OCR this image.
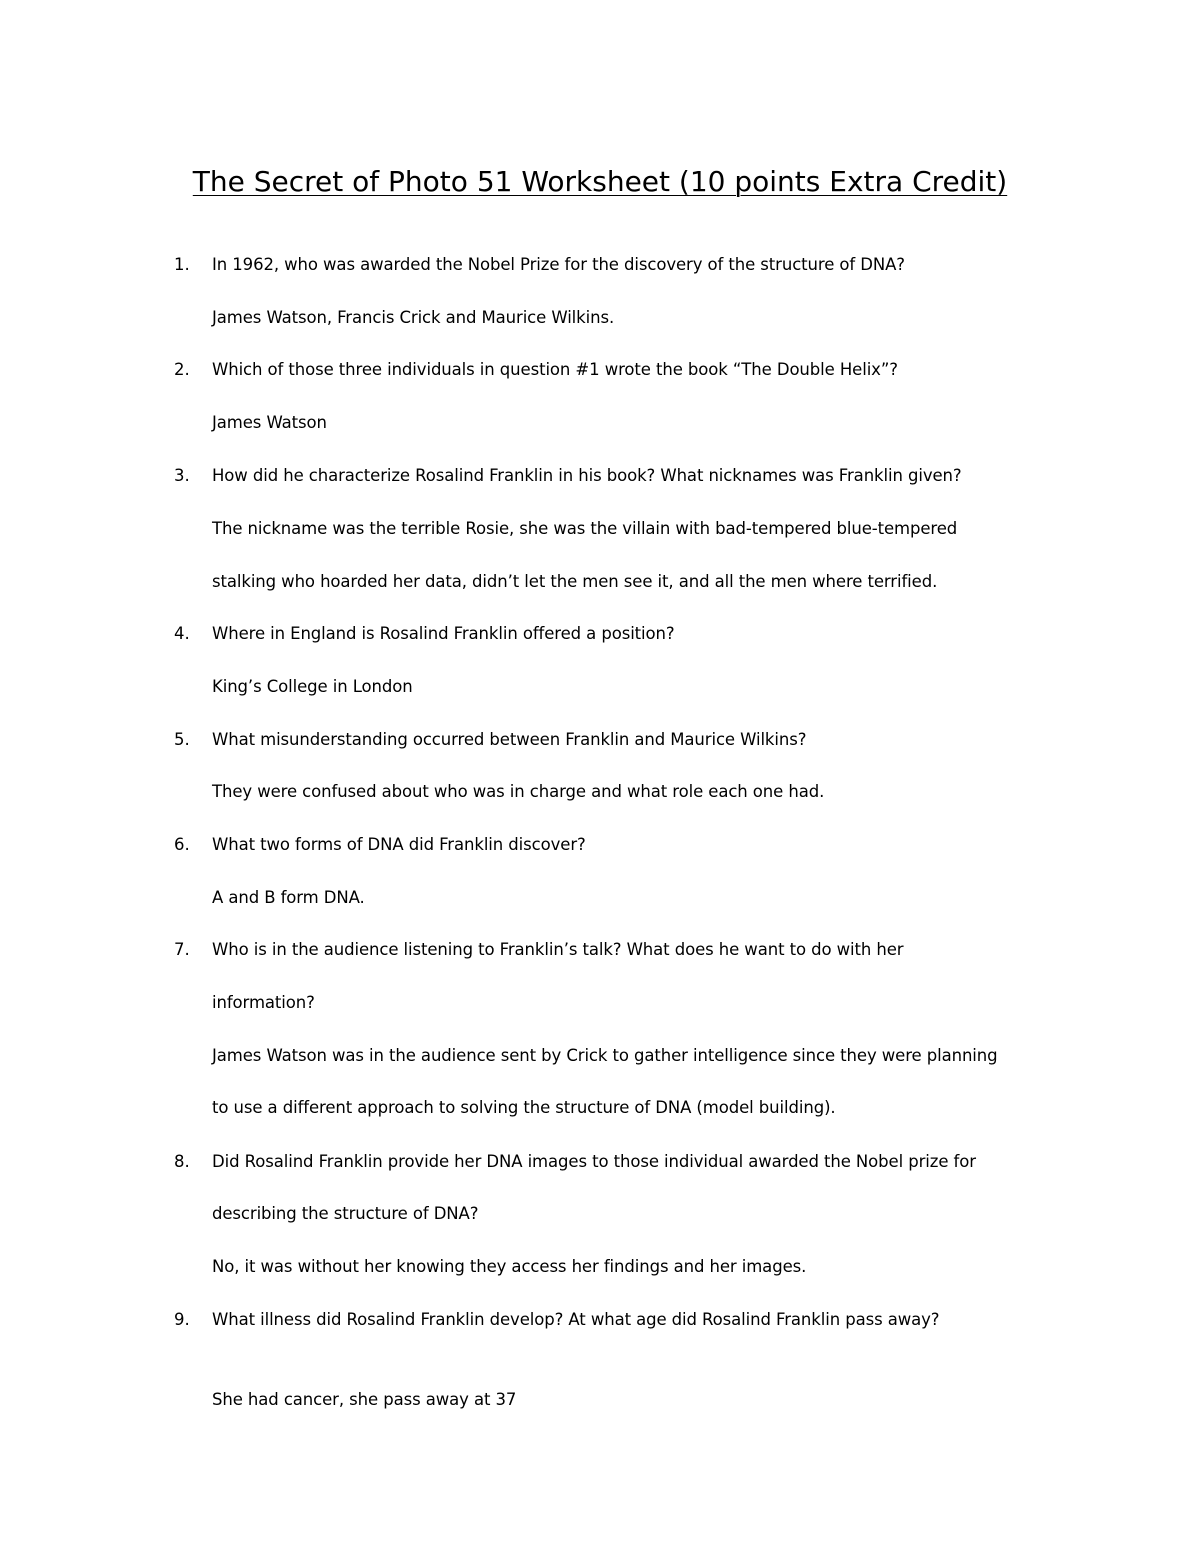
The Secret of Photo 51 Worksheet (10 points Extra Credit)
1. In 1962, who was awarded the Nobel Prize for the discovery of the structure of DNA?
James Watson, Francis Crick and Maurice Wilkins.
2. Which of those three individuals in question #1 wrote the book “The Double Helix”?
James Watson
3. How did he characterize Rosalind Franklin in his book? What nicknames was Franklin given?
The nickname was the terrible Rosie, she was the villain with bad-tempered blue-tempered
stalking who hoarded her data, didn’t let the men see it, and all the men where terrified.
4. Where in England is Rosalind Franklin offered a position?
King’s College in London
5. What misunderstanding occurred between Franklin and Maurice Wilkins?
They were confused about who was in charge and what role each one had.
6. What two forms of DNA did Franklin discover?
A and B form DNA.
7. Who is in the audience listening to Franklin’s talk? What does he want to do with her
information?
James Watson was in the audience sent by Crick to gather intelligence since they were planning
to use a different approach to solving the structure of DNA (model building).
8. Did Rosalind Franklin provide her DNA images to those individual awarded the Nobel prize for
describing the structure of DNA?
No, it was without her knowing they access her findings and her images.
9. What illness did Rosalind Franklin develop? At what age did Rosalind Franklin pass away?
She had cancer, she pass away at 37
